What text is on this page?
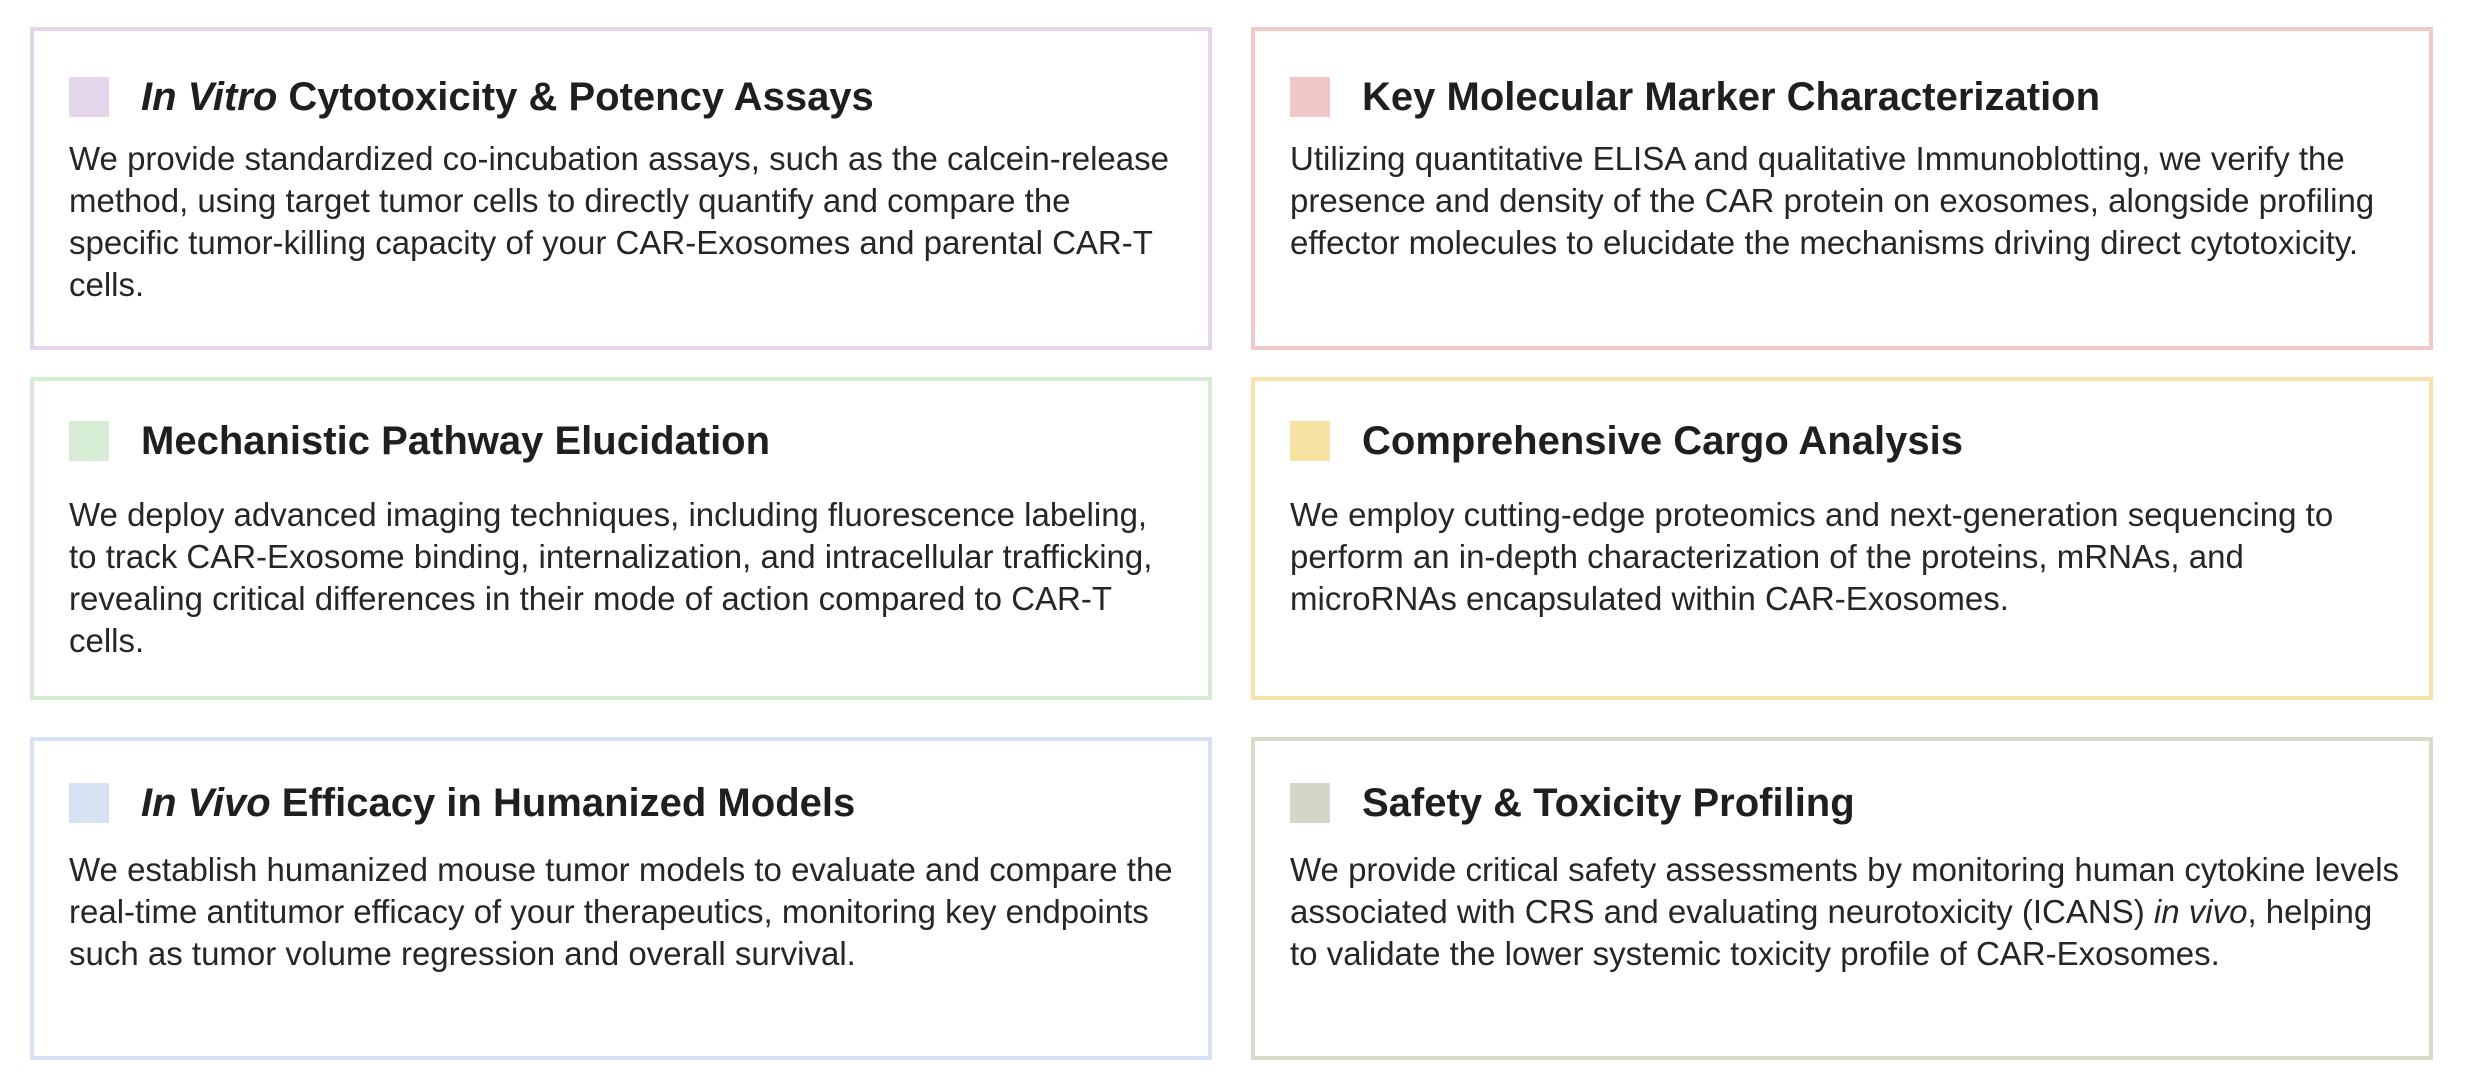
In Vitro Cytotoxicity & Potency Assays

We provide standardized co-incubation assays, such as the calcein-release method, using target tumor cells to directly quantify and compare the specific tumor-killing capacity of your CAR-Exosomes and parental CAR-T cells.

Key Molecular Marker Characterization

Utilizing quantitative ELISA and qualitative Immunoblotting, we verify the presence and density of the CAR protein on exosomes, alongside profiling effector molecules to elucidate the mechanisms driving direct cytotoxicity.

Mechanistic Pathway Elucidation

We deploy advanced imaging techniques, including fluorescence labeling, to track CAR-Exosome binding, internalization, and intracellular trafficking, revealing critical differences in their mode of action compared to CAR-T cells.

Comprehensive Cargo Analysis

We employ cutting-edge proteomics and next-generation sequencing to perform an in-depth characterization of the proteins, mRNAs, and microRNAs encapsulated within CAR-Exosomes.

In Vivo Efficacy in Humanized Models

We establish humanized mouse tumor models to evaluate and compare the real-time antitumor efficacy of your therapeutics, monitoring key endpoints such as tumor volume regression and overall survival.

Safety & Toxicity Profiling

We provide critical safety assessments by monitoring human cytokine levels associated with CRS and evaluating neurotoxicity (ICANS) in vivo, helping to validate the lower systemic toxicity profile of CAR-Exosomes.
